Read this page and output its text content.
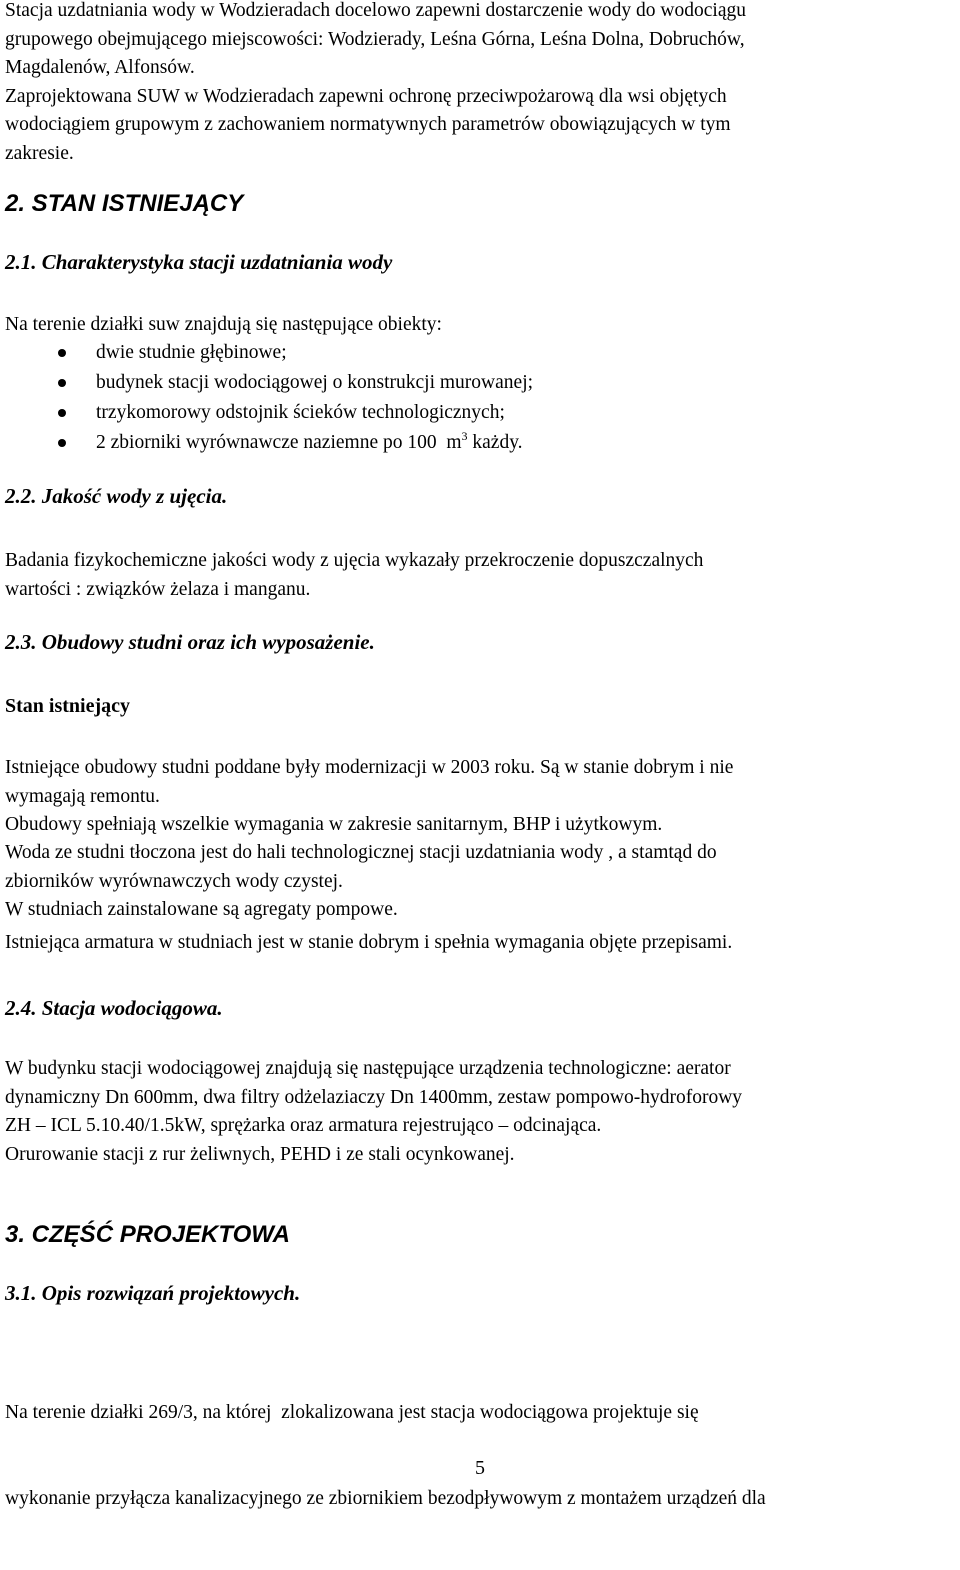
Stacja uzdatniania wody w Wodzieradach docelowo zapewni dostarczenie wody do wodociągu
grupowego obejmującego miejscowości: Wodzierady, Leśna Górna, Leśna Dolna, Dobruchów,
Magdalenów, Alfonsów.
Zaprojektowana SUW w Wodzieradach zapewni ochronę przeciwpożarową dla wsi objętych
wodociągiem grupowym z zachowaniem normatywnych parametrów obowiązujących w tym
zakresie.

2. STAN ISTNIEJĄCY
2.1. Charakterystyka stacji uzdatniania wody

Na terenie działki suw znajdują się następujące obiekty:

dwie studnie głębinowe;
budynek stacji wodociągowej o konstrukcji murowanej;
trzykomorowy odstojnik ścieków technologicznych;
2 zbiorniki wyrównawcze naziemne po 100  $m^3$ każdy.
2.2. Jakość wody z ujęcia.

Badania fizykochemiczne jakości wody z ujęcia wykazały przekroczenie dopuszczalnych
wartości : związków żelaza i manganu.

2.3. Obudowy studni oraz ich wyposażenie.

Stan istniejący

Istniejące obudowy studni poddane były modernizacji w 2003 roku. Są w stanie dobrym i nie
wymagają remontu.

Obudowy spełniają wszelkie wymagania w zakresie sanitarnym, BHP i użytkowym.

Woda ze studni tłoczona jest do hali technologicznej stacji uzdatniania wody , a stamtąd do
zbiorników wyrównawczych wody czystej.

W studniach zainstalowane są agregaty pompowe.

Istniejąca armatura w studniach jest w stanie dobrym i spełnia wymagania objęte przepisami.

2.4. Stacja wodociągowa.

W budynku stacji wodociągowej znajdują się następujące urządzenia technologiczne: aerator
dynamiczny Dn 600mm, dwa filtry odżelaziaczy Dn 1400mm, zestaw pompowo-hydroforowy
ZH – ICL 5.10.40/1.5kW, sprężarka oraz armatura rejestrująco – odcinająca.
Orurowanie stacji z rur żeliwnych, PEHD i ze stali ocynkowanej.

3. CZĘŚĆ PROJEKTOWA
3.1. Opis rozwiązań projektowych.

Na terenie działki 269/3, na której  zlokalizowana jest stacja wodociągowa projektuje się

wykonanie przyłącza kanalizacyjnego ze zbiornikiem bezodpływowym z montażem urządzeń dla

5
